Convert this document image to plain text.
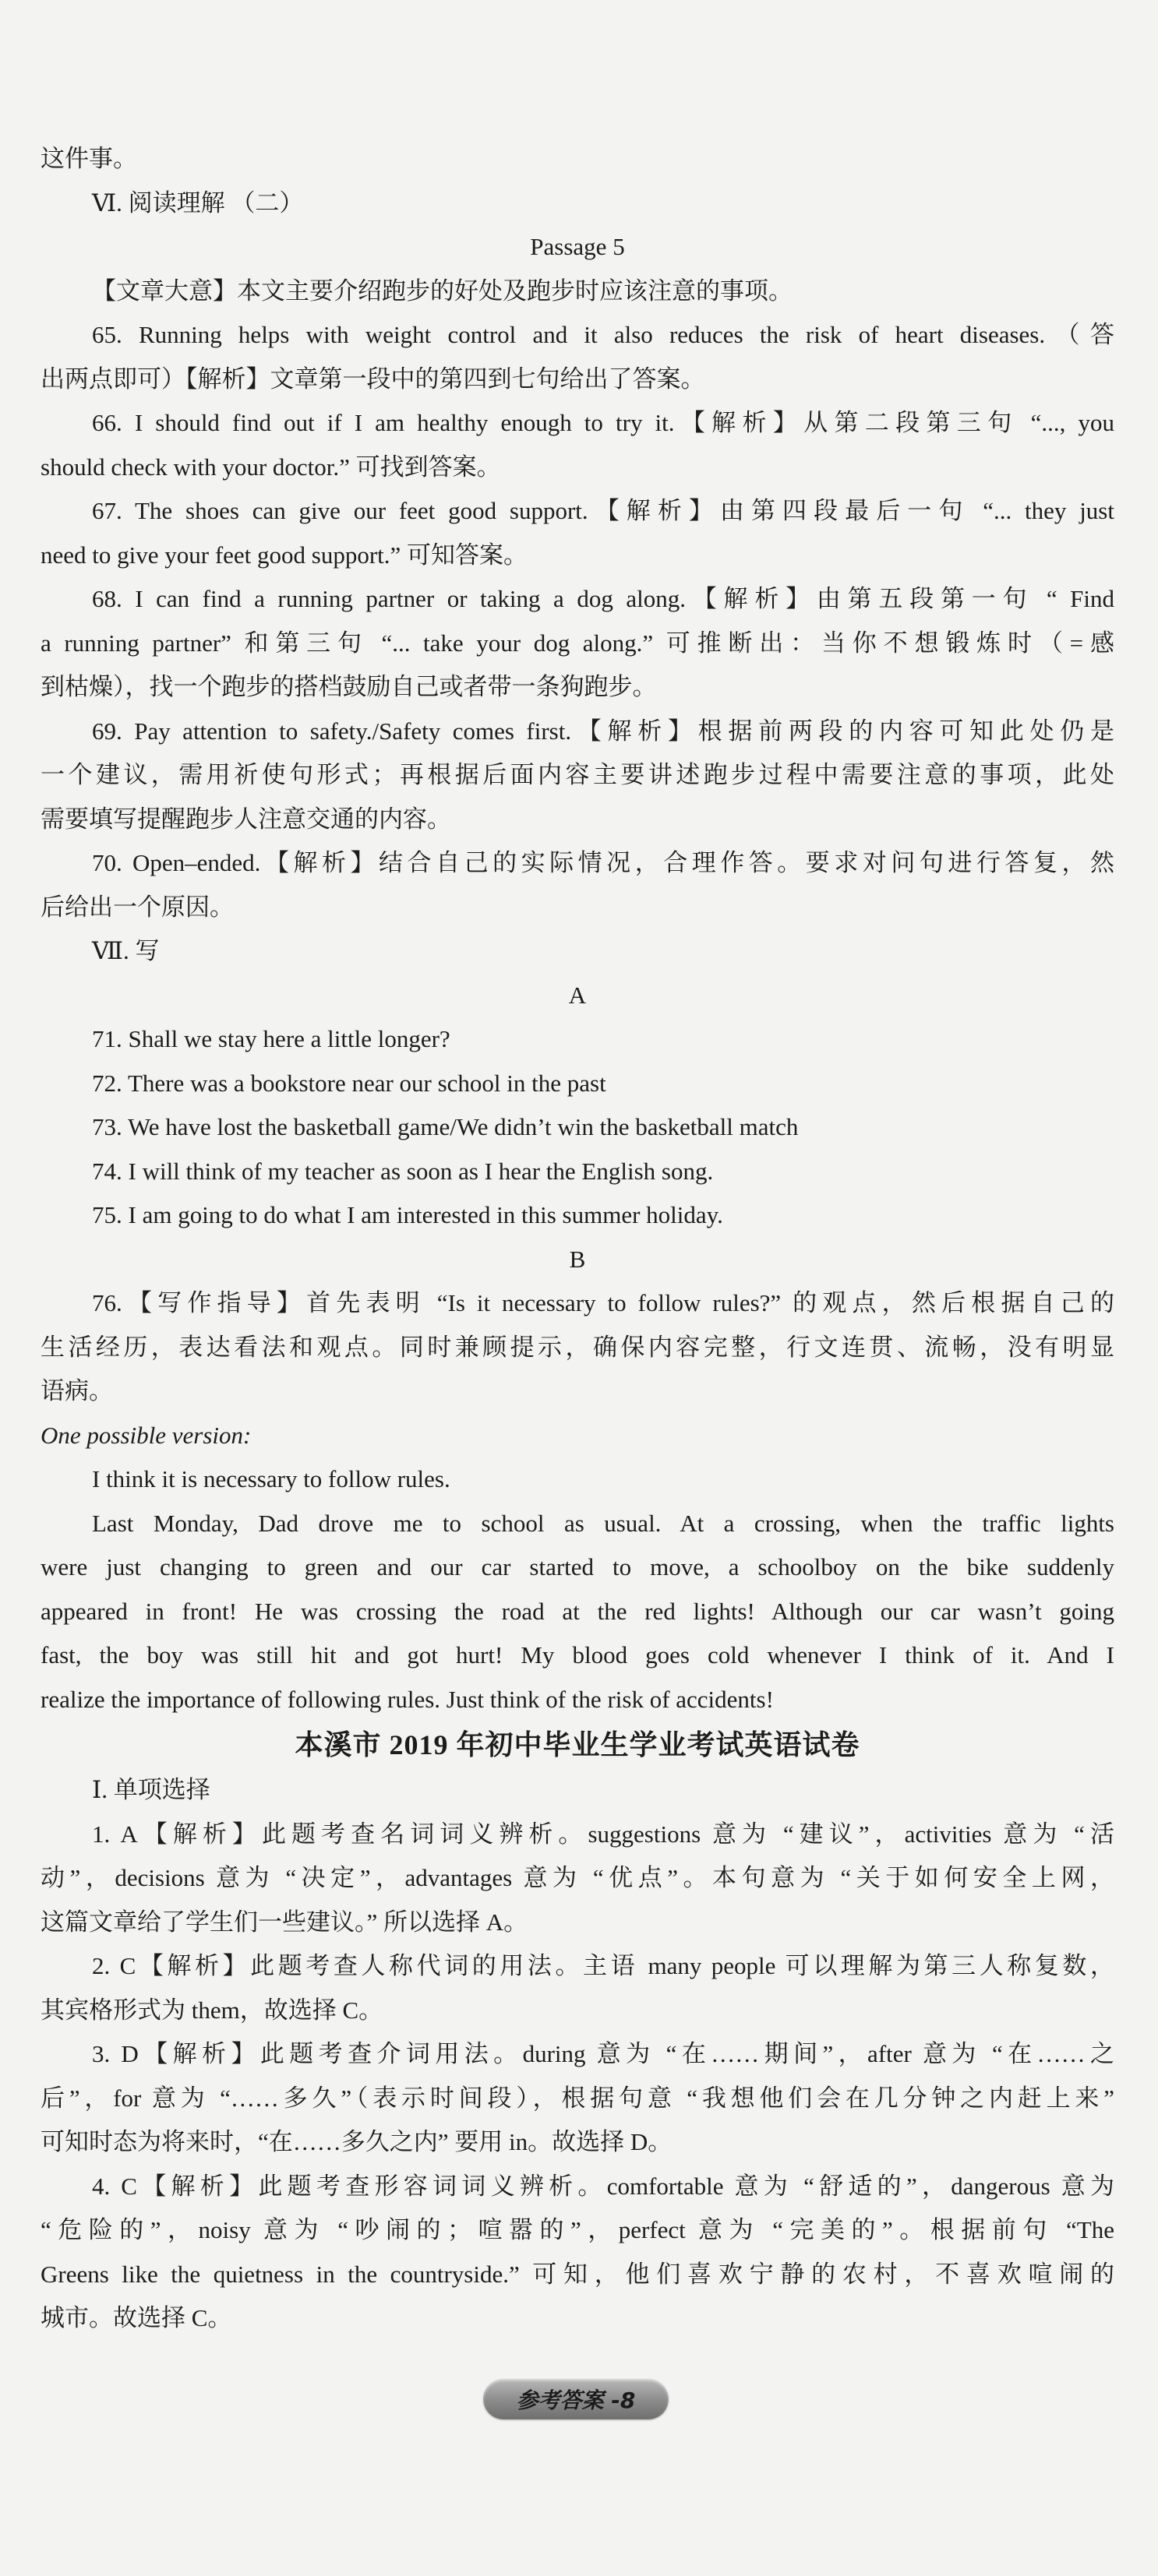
这件事。
Ⅵ. 阅读理解 （二）
Passage 5
【文章大意】本文主要介绍跑步的好处及跑步时应该注意的事项。
65. Running helps with weight control and it also reduces the risk of heart diseases.（答
出两点即可）【解析】文章第一段中的第四到七句给出了答案。
66. I should find out if I am healthy enough to try it.【解析】从第二段第三句 “..., you
should check with your doctor.” 可找到答案。
67. The shoes can give our feet good support.【解析】由第四段最后一句 “... they just
need to give your feet good support.” 可知答案。
68. I can find a running partner or taking a dog along.【解析】由第五段第一句 “ Find
a running partner” 和第三句 “... take your dog along.” 可推断出：当你不想锻炼时（=感
到枯燥），找一个跑步的搭档鼓励自己或者带一条狗跑步。
69. Pay attention to safety./Safety comes first.【解析】根据前两段的内容可知此处仍是
一个建议，需用祈使句形式；再根据后面内容主要讲述跑步过程中需要注意的事项，此处
需要填写提醒跑步人注意交通的内容。
70. Open–ended.【解析】结合自己的实际情况，合理作答。要求对问句进行答复，然
后给出一个原因。
Ⅶ. 写
A
71. Shall we stay here a little longer?
72. There was a bookstore near our school in the past
73. We have lost the basketball game/We didn’t win the basketball match
74. I will think of my teacher as soon as I hear the English song.
75. I am going to do what I am interested in this summer holiday.
B
76.【写作指导】首先表明 “Is it necessary to follow rules?” 的观点，然后根据自己的
生活经历，表达看法和观点。同时兼顾提示，确保内容完整，行文连贯、流畅，没有明显
语病。
One possible version:
I think it is necessary to follow rules.
Last Monday, Dad drove me to school as usual. At a crossing, when the traffic lights
were just changing to green and our car started to move, a schoolboy on the bike suddenly
appeared in front! He was crossing the road at the red lights! Although our car wasn’t going
fast, the boy was still hit and got hurt! My blood goes cold whenever I think of it. And I
realize the importance of following rules. Just think of the risk of accidents!
本溪市 2019 年初中毕业生学业考试英语试卷
Ⅰ. 单项选择
1. A【解析】此题考查名词词义辨析。suggestions 意为 “建议”，activities 意为 “活
动”，decisions 意为 “决定”，advantages 意为 “优点”。本句意为 “关于如何安全上网，
这篇文章给了学生们一些建议。” 所以选择 A。
2. C【解析】此题考查人称代词的用法。主语 many people 可以理解为第三人称复数，
其宾格形式为 them，故选择 C。
3. D【解析】此题考查介词用法。during 意为 “在……期间”，after 意为 “在……之
后”，for 意为 “……多久”（表示时间段），根据句意 “我想他们会在几分钟之内赶上来”
可知时态为将来时，“在……多久之内” 要用 in。故选择 D。
4. C【解析】此题考查形容词词义辨析。comfortable 意为 “舒适的”，dangerous 意为
“危险的”，noisy 意为 “吵闹的；喧嚣的”，perfect 意为 “完美的”。根据前句 “The
Greens like the quietness in the countryside.” 可知，他们喜欢宁静的农村，不喜欢喧闹的
城市。故选择 C。
参考答案 -8
